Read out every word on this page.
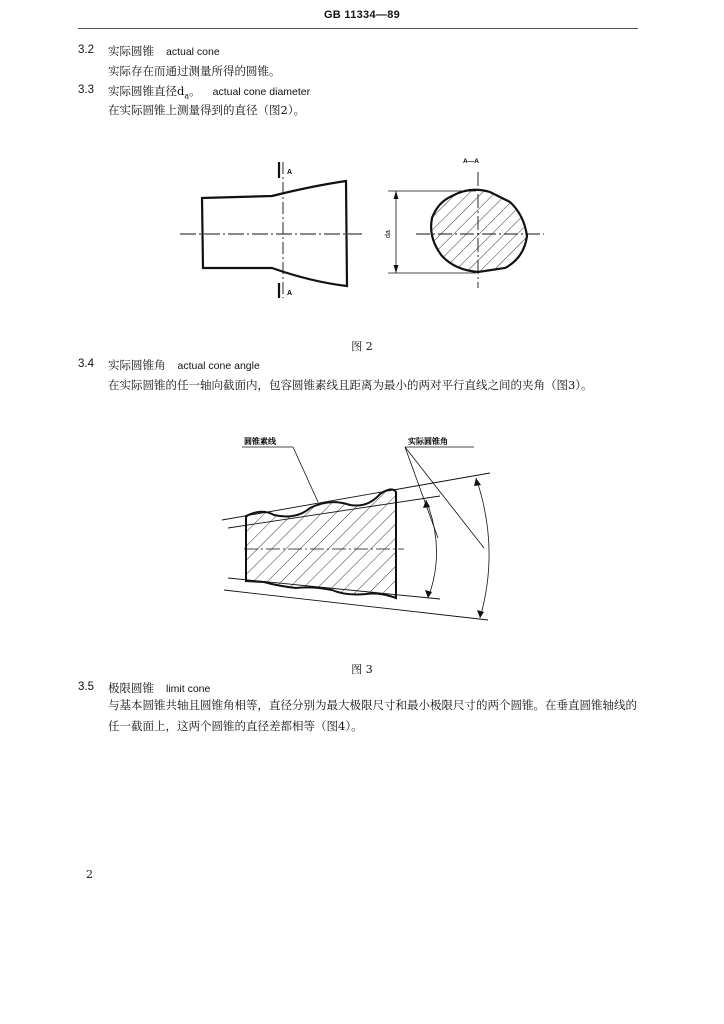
GB 11334—89
3.2 实际圆锥 actual cone
实际存在而通过测量所得的圆锥。
3.3 实际圆锥直径$d_a$。 actual cone diameter
在实际圆锥上测量得到的直径（图2）。
A
A
A—A
da
图 2
3.4 实际圆锥角 actual cone angle
在实际圆锥的任一轴向截面内，包容圆锥素线且距离为最小的两对平行直线之间的夹角（图3）。
圆锥素线	实际圆锥角
图 3
3.5 极限圆锥 limit cone
与基本圆锥共轴且圆锥角相等，直径分别为最大极限尺寸和最小极限尺寸的两个圆锥。在垂直圆锥轴线的任一截面上，这两个圆锥的直径差都相等（图4）。
2
